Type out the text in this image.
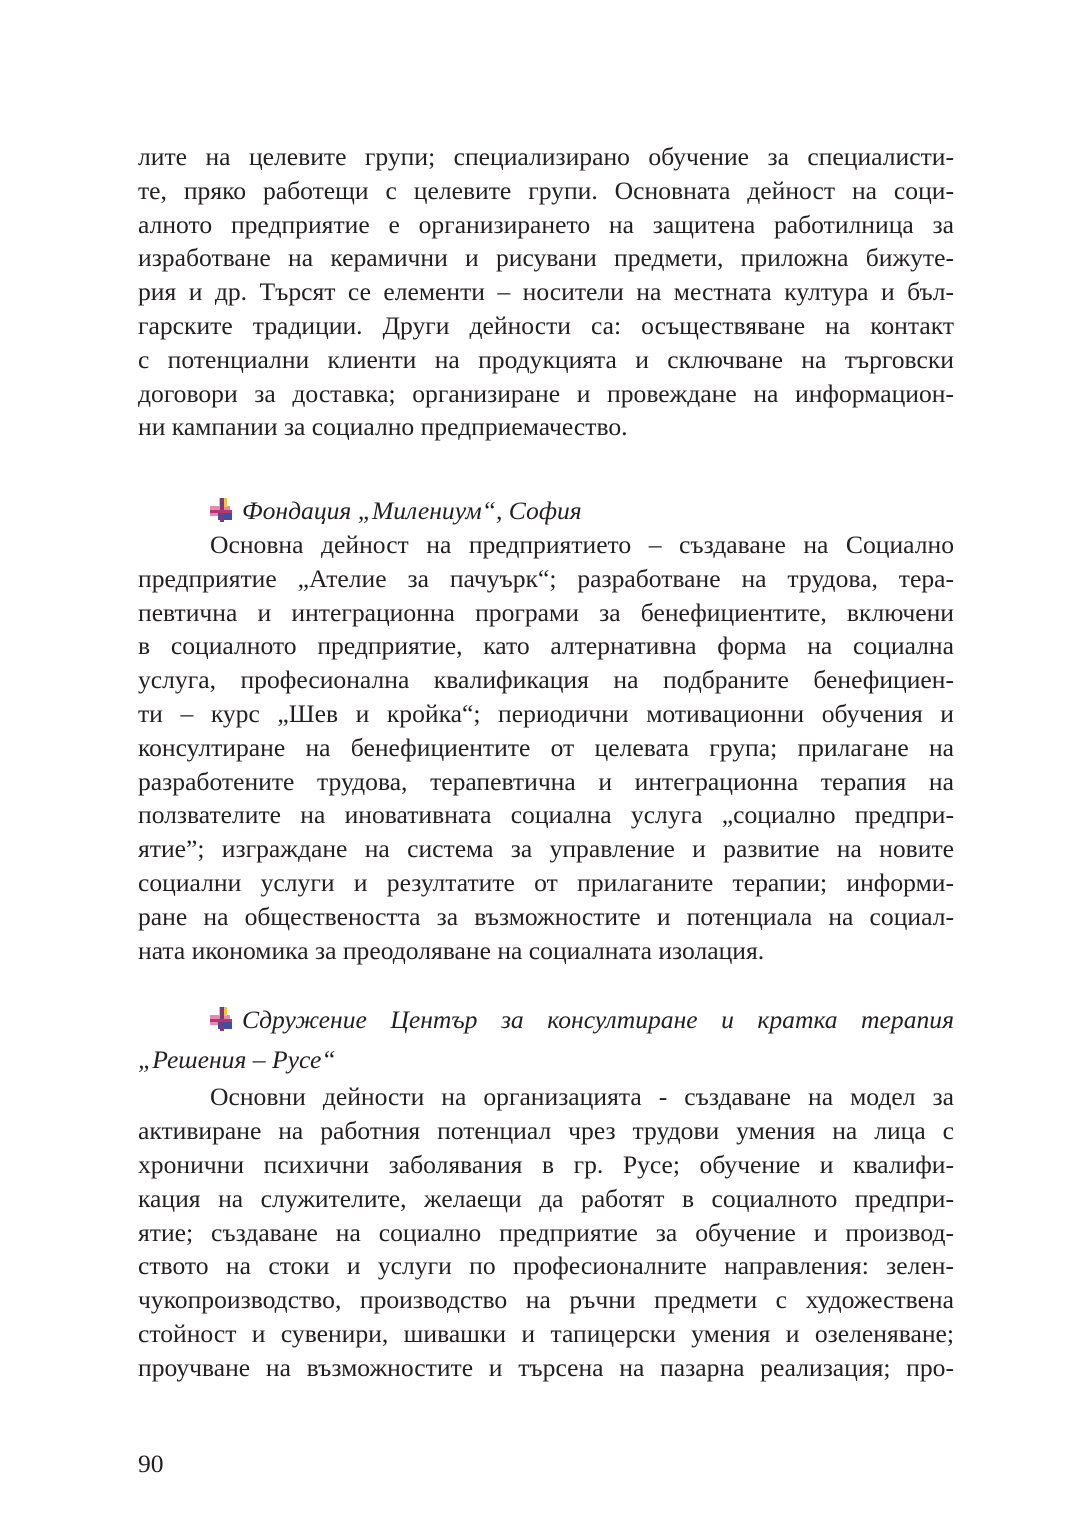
лите на целевите групи; специализирано обучение за специалисти-
те, пряко работещи с целевите групи. Основната дейност на соци-
алното предприятие е организирането на защитена работилница за
изработване на керамични и рисувани предмети, приложна бижуте-
рия и др. Търсят се елементи – носители на местната култура и бъл-
гарските традиции. Други дейности са: осъществяване на контакт
с потенциални клиенти на продукцията и сключване на търговски
договори за доставка; организиране и провеждане на информацион-
ни кампании за социално предприемачество.
Фондация „Милениум“, София
Основна дейност на предприятието – създаване на Социално
предприятие „Ателие за пачуърк“; разработване на трудова, тера-
певтична и интеграционна програми за бенефициентите, включени
в социалното предприятие, като алтернативна форма на социална
услуга, професионална квалификация на подбраните бенефициен-
ти – курс „Шев и кройка“; периодични мотивационни обучения и
консултиране на бенефициентите от целевата група; прилагане на
разработените трудова, терапевтична и интеграционна терапия на
ползвателите на иновативната социална услуга „социално предпри-
ятие”; изграждане на система за управление и развитие на новите
социални услуги и резултатите от прилаганите терапии; информи-
ране на обществеността за възможностите и потенциала на социал-
ната икономика за преодоляване на социалната изолация.
Сдружение Център за консултиране и кратка терапия
„Решения – Русе“
Основни дейности на организацията - създаване на модел за
активиране на работния потенциал чрез трудови умения на лица с
хронични психични заболявания в гр. Русе; обучение и квалифи-
кация на служителите, желаещи да работят в социалното предпри-
ятие; създаване на социално предприятие за обучение и производ-
ството на стоки и услуги по професионалните направления: зелен-
чукопроизводство, производство на ръчни предмети с художествена
стойност и сувенири, шивашки и тапицерски умения и озеленяване;
проучване на възможностите и търсена на пазарна реализация; про-
90
